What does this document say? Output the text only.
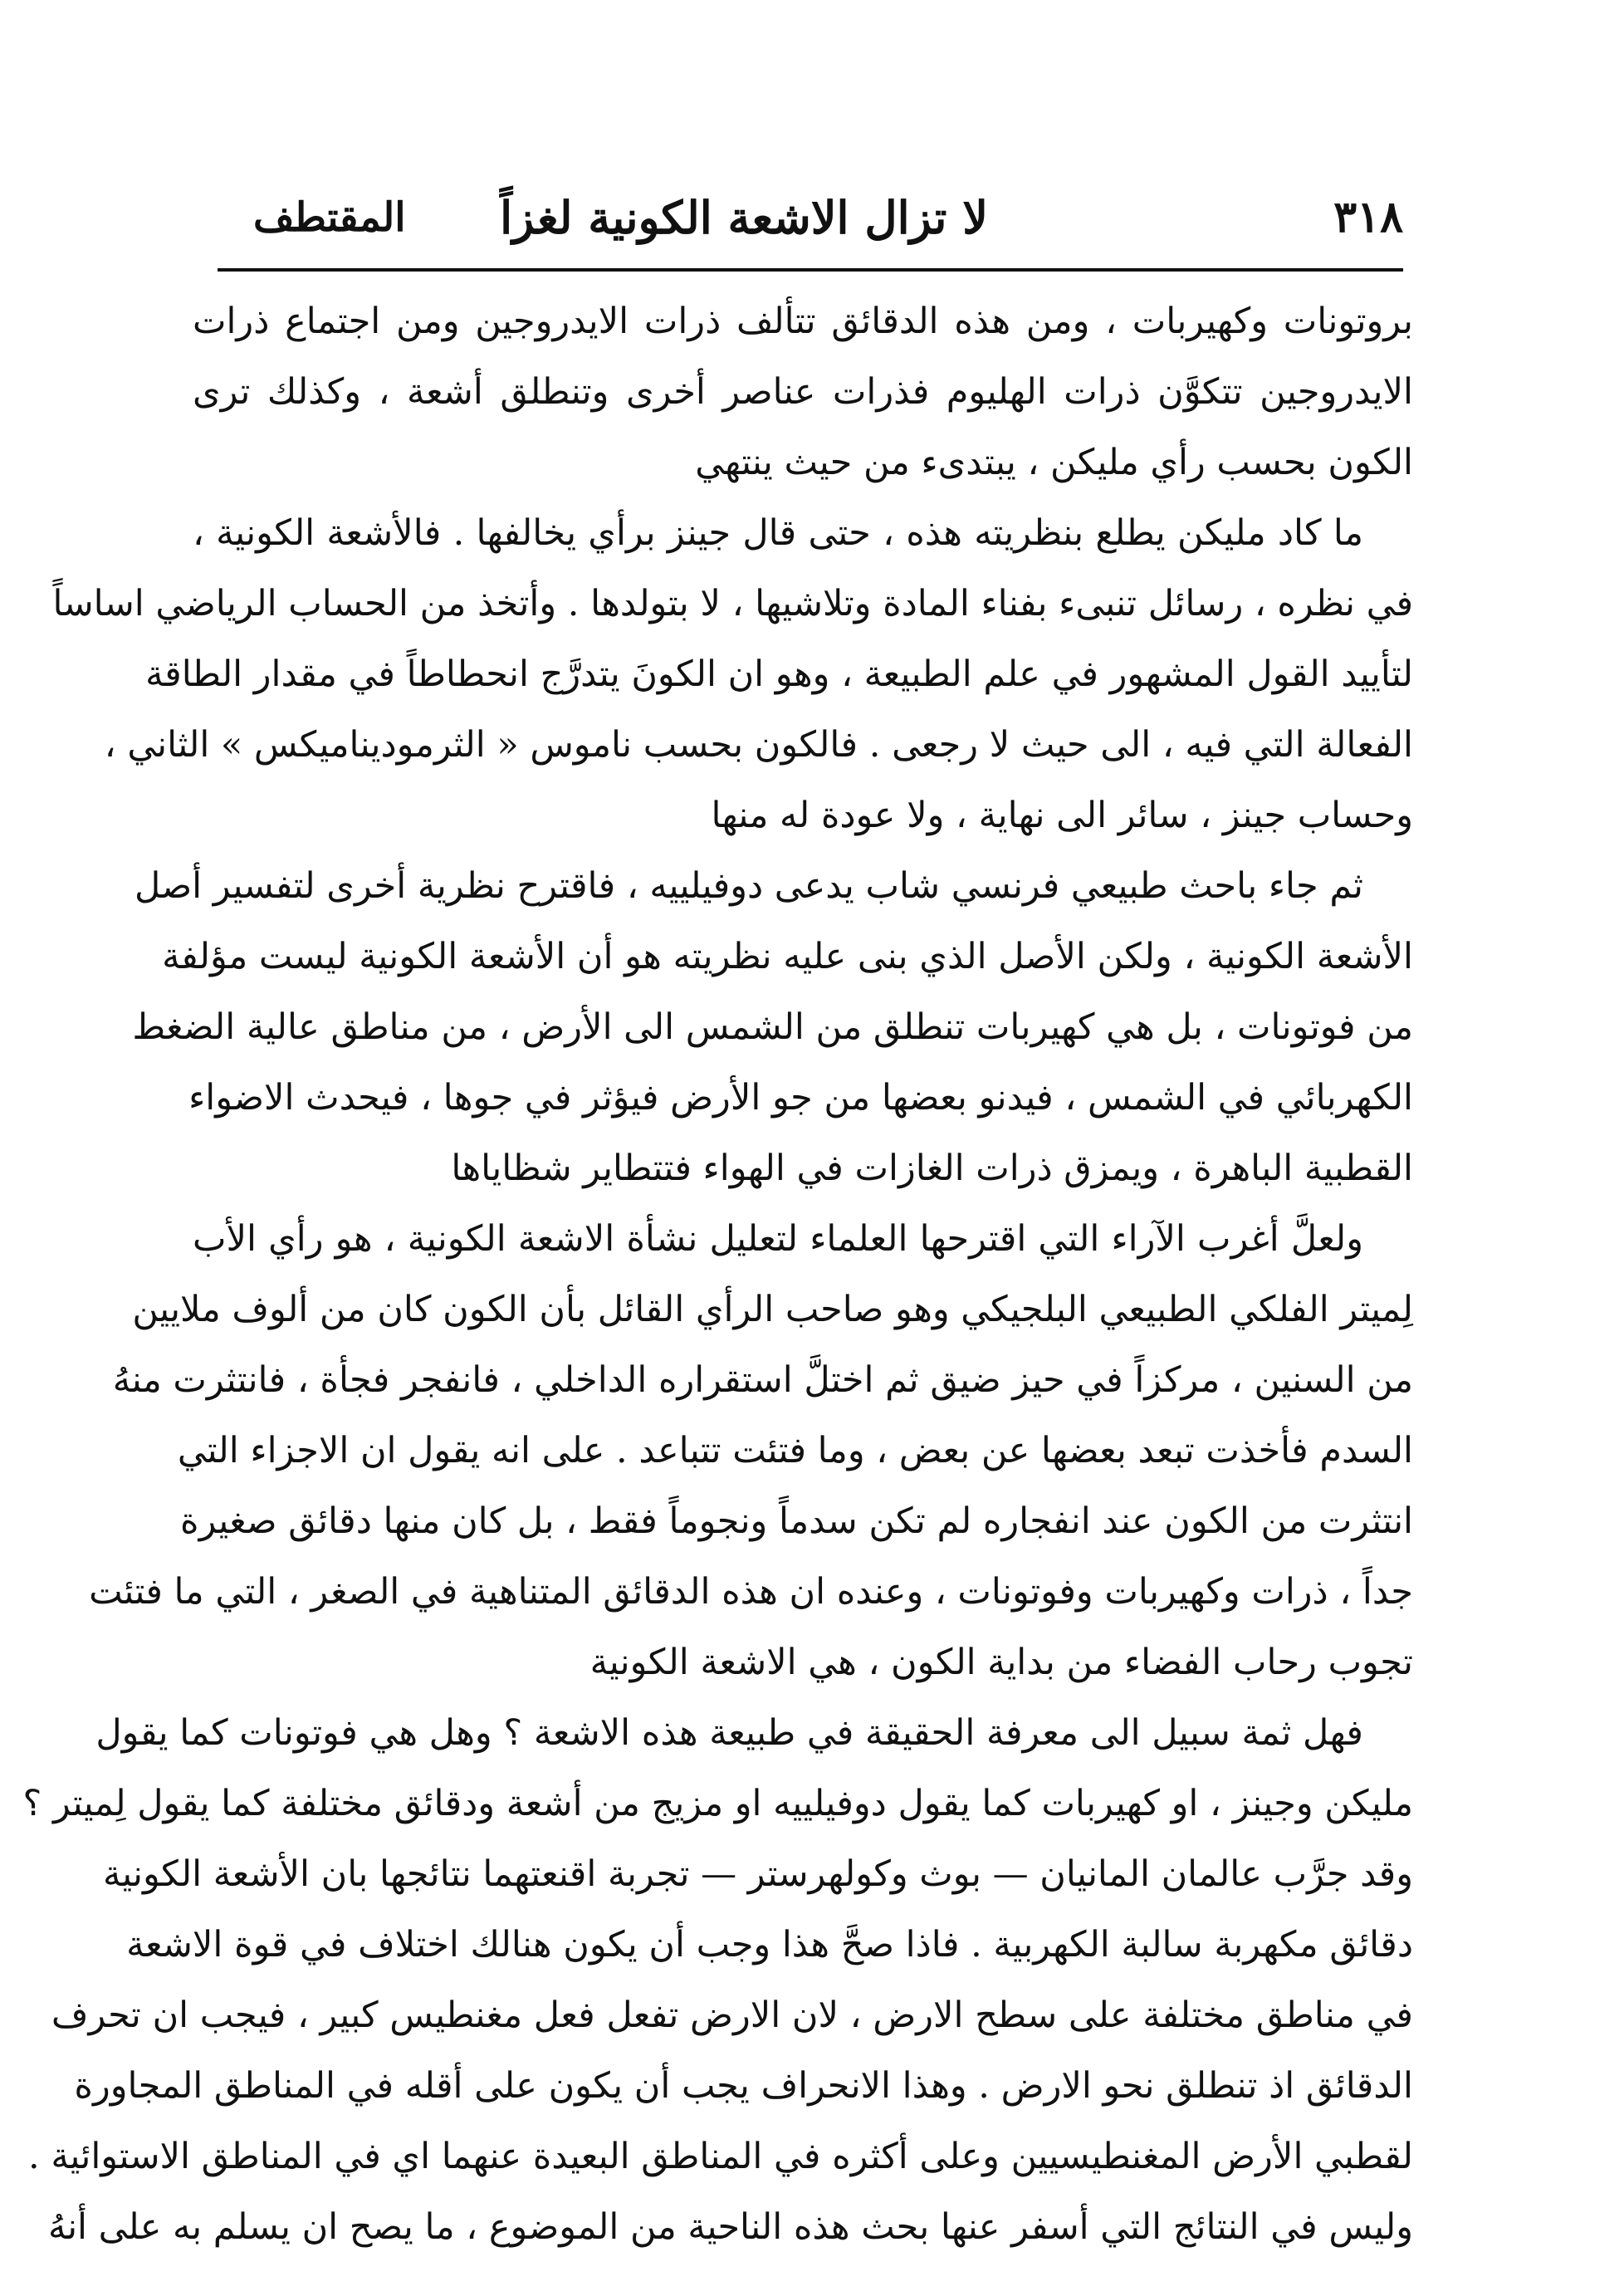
٣١٨
لا تزال الاشعة الكونية لغزاً
المقتطف
بروتونات وكهيربات ، ومن هذه الدقائق تتألف ذرات الايدروجين ومن اجتماع ذرات
الايدروجين تتكوَّن ذرات الهليوم فذرات عناصر أخرى وتنطلق أشعة ، وكذلك ترى
الكون بحسب رأي مليكن ، يبتدىء من حيث ينتهي
ما كاد مليكن يطلع بنظريته هذه ، حتى قال جينز برأي يخالفها . فالأشعة الكونية ،
في نظره ، رسائل تنبىء بفناء المادة وتلاشيها ، لا بتولدها . وأتخذ من الحساب الرياضي اساساً
لتأييد القول المشهور في علم الطبيعة ، وهو ان الكونَ يتدرَّج انحطاطاً في مقدار الطاقة
الفعالة التي فيه ، الى حيث لا رجعى . فالكون بحسب ناموس « الثرموديناميكس » الثاني ،
وحساب جينز ، سائر الى نهاية ، ولا عودة له منها
ثم جاء باحث طبيعي فرنسي شاب يدعى دوفيلييه ، فاقترح نظرية أخرى لتفسير أصل
الأشعة الكونية ، ولكن الأصل الذي بنى عليه نظريته هو أن الأشعة الكونية ليست مؤلفة
من فوتونات ، بل هي كهيربات تنطلق من الشمس الى الأرض ، من مناطق عالية الضغط
الكهربائي في الشمس ، فيدنو بعضها من جو الأرض فيؤثر في جوها ، فيحدث الاضواء
القطبية الباهرة ، ويمزق ذرات الغازات في الهواء فتتطاير شظاياها
ولعلَّ أغرب الآراء التي اقترحها العلماء لتعليل نشأة الاشعة الكونية ، هو رأي الأب
لِميتر الفلكي الطبيعي البلجيكي وهو صاحب الرأي القائل بأن الكون كان من ألوف ملايين
من السنين ، مركزاً في حيز ضيق ثم اختلَّ استقراره الداخلي ، فانفجر فجأة ، فانتثرت منهُ
السدم فأخذت تبعد بعضها عن بعض ، وما فتئت تتباعد . على انه يقول ان الاجزاء التي
انتثرت من الكون عند انفجاره لم تكن سدماً ونجوماً فقط ، بل كان منها دقائق صغيرة
جداً ، ذرات وكهيربات وفوتونات ، وعنده ان هذه الدقائق المتناهية في الصغر ، التي ما فتئت
تجوب رحاب الفضاء من بداية الكون ، هي الاشعة الكونية
فهل ثمة سبيل الى معرفة الحقيقة في طبيعة هذه الاشعة ؟ وهل هي فوتونات كما يقول
مليكن وجينز ، او كهيربات كما يقول دوفيلييه او مزيج من أشعة ودقائق مختلفة كما يقول لِميتر ؟
وقد جرَّب عالمان المانيان — بوث وكولهرستر — تجربة اقنعتهما نتائجها بان الأشعة الكونية
دقائق مكهربة سالبة الكهربية . فاذا صحَّ هذا وجب أن يكون هنالك اختلاف في قوة الاشعة
في مناطق مختلفة على سطح الارض ، لان الارض تفعل فعل مغنطيس كبير ، فيجب ان تحرف
الدقائق اذ تنطلق نحو الارض . وهذا الانحراف يجب أن يكون على أقله في المناطق المجاورة
لقطبي الأرض المغنطيسيين وعلى أكثره في المناطق البعيدة عنهما اي في المناطق الاستوائية .
وليس في النتائج التي أسفر عنها بحث هذه الناحية من الموضوع ، ما يصح ان يسلم به على أنهُ
